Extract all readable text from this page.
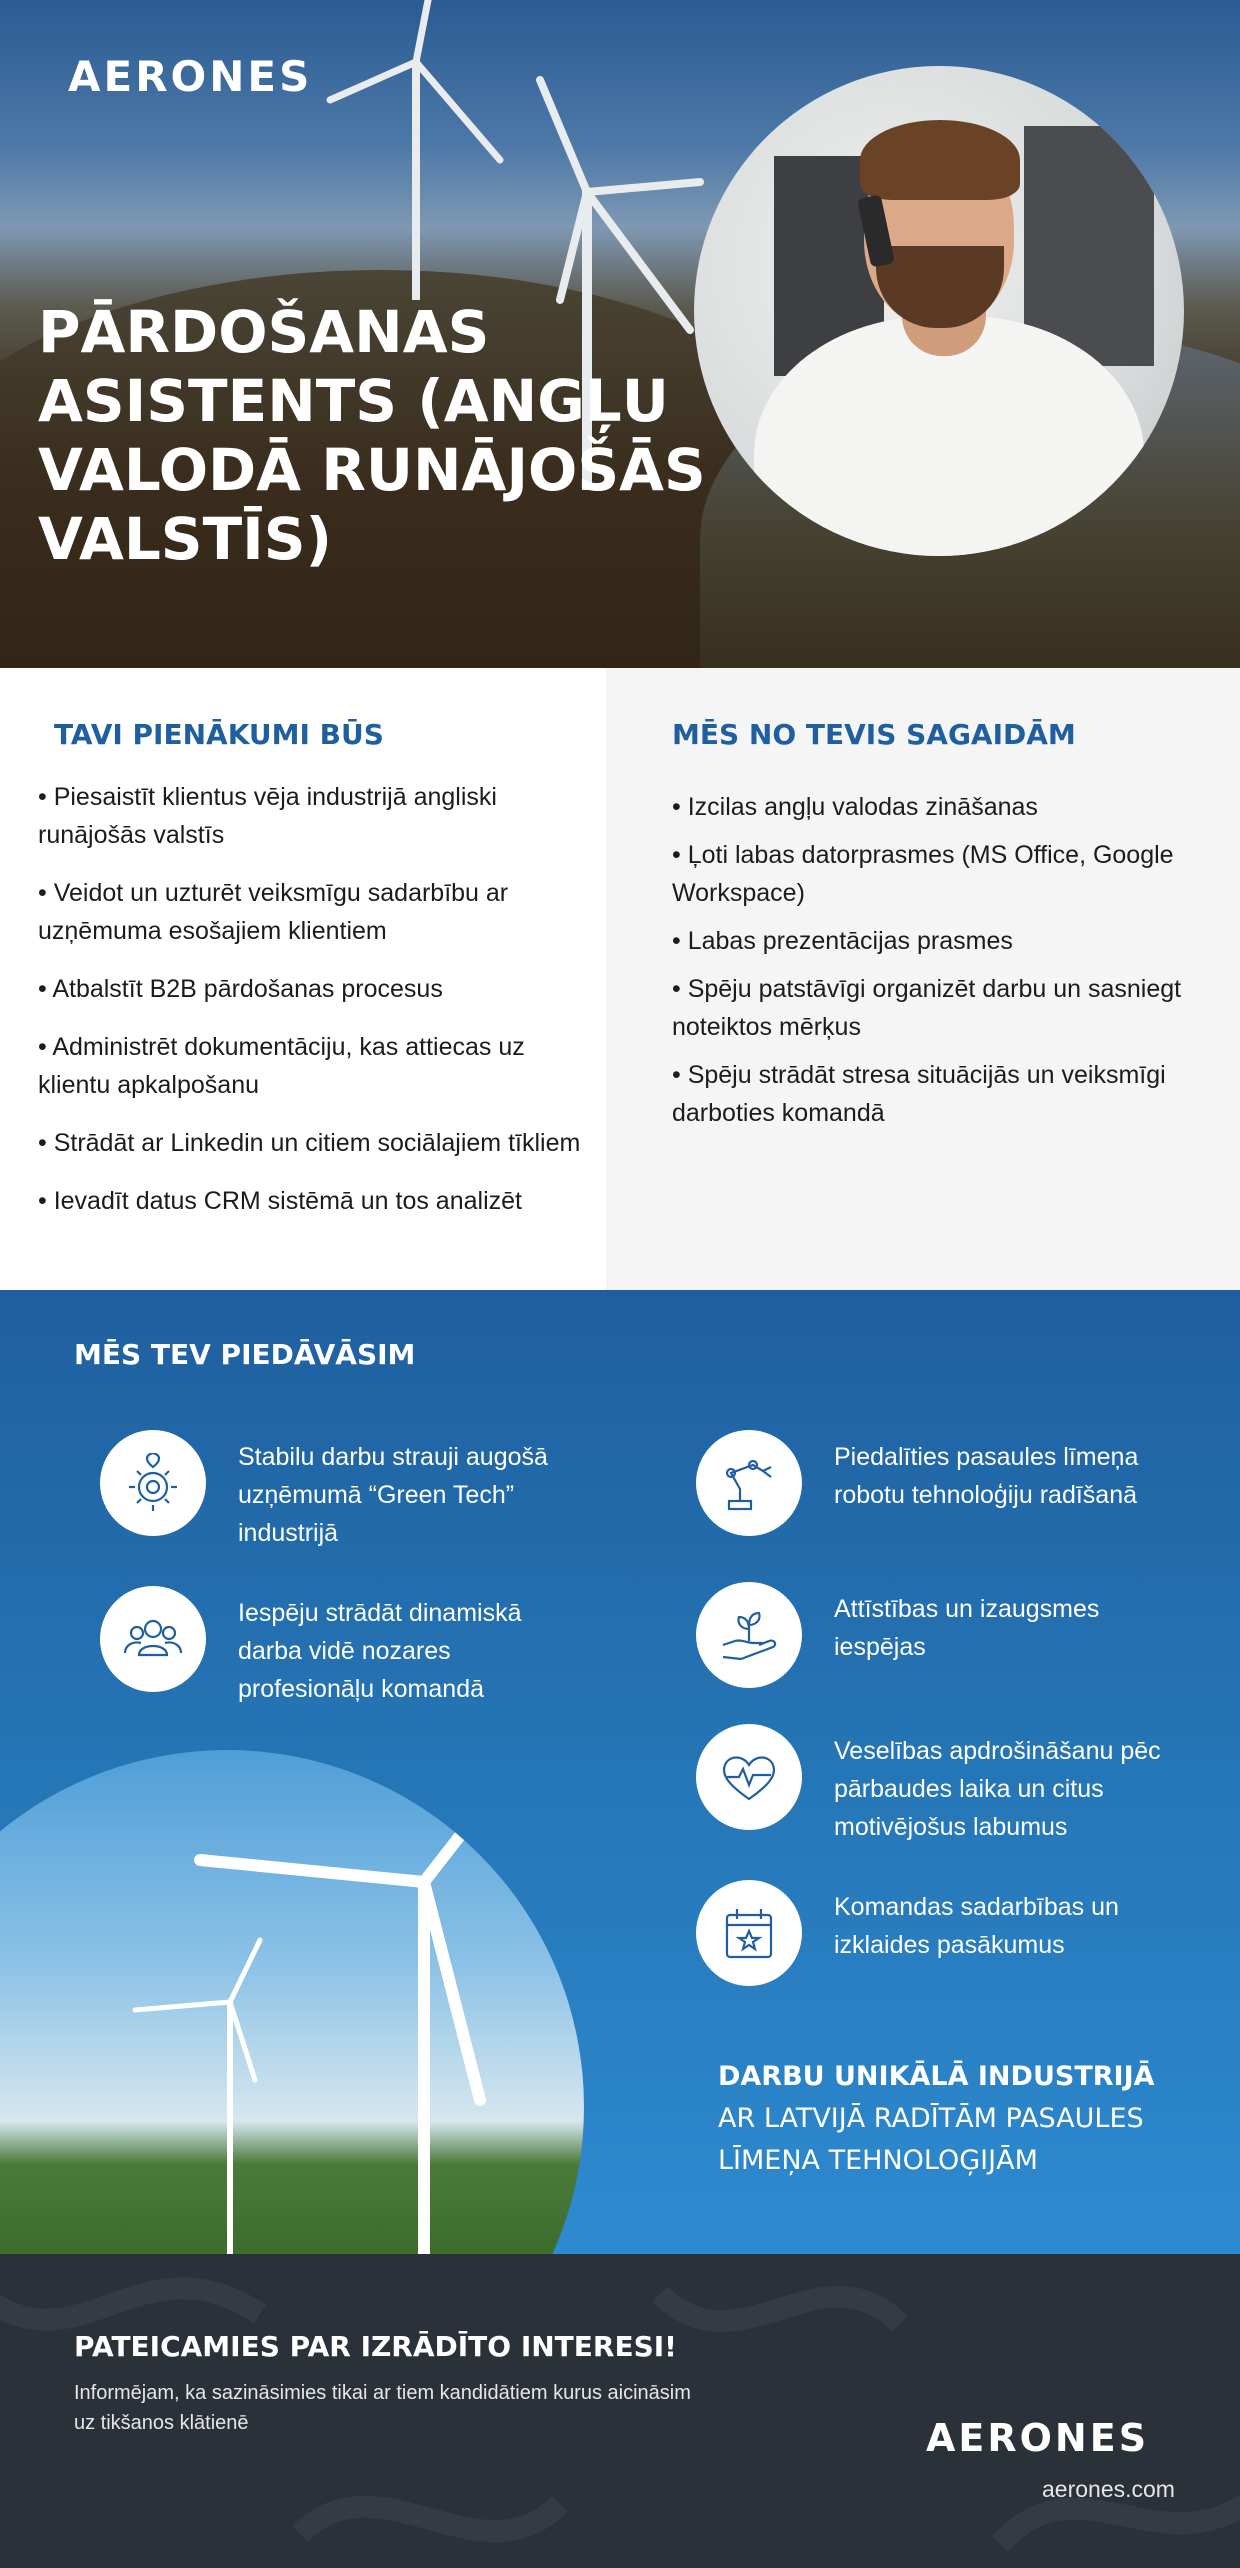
AERONES
PĀRDOŠANAS ASISTENTS (ANGĻU VALODĀ RUNĀJOŠĀS VALSTĪS)
TAVI PIENĀKUMI BŪS
• Piesaistīt klientus vēja industrijā angliski runājošās valstīs
• Veidot un uzturēt veiksmīgu sadarbību ar uzņēmuma esošajiem klientiem
• Atbalstīt B2B pārdošanas procesus
• Administrēt dokumentāciju, kas attiecas uz klientu apkalpošanu
• Strādāt ar Linkedin un citiem sociālajiem tīkliem
• Ievadīt datus CRM sistēmā un tos analizēt
MĒS NO TEVIS SAGAIDĀM
• Izcilas angļu valodas zināšanas
• Ļoti labas datorprasmes (MS Office, Google Workspace)
• Labas prezentācijas prasmes
• Spēju patstāvīgi organizēt darbu un sasniegt noteiktos mērķus
• Spēju strādāt stresa situācijās un veiksmīgi darboties komandā
MĒS TEV PIEDĀVĀSIM
Stabilu darbu strauji augošā uzņēmumā “Green Tech” industrijā
Iespēju strādāt dinamiskā darba vidē nozares profesionāļu komandā
Piedalīties pasaules līmeņa robotu tehnoloģiju radīšanā
Attīstības un izaugsmes iespējas
Veselības apdrošināšanu pēc pārbaudes laika un citus motivējošus labumus
Komandas sadarbības un izklaides pasākumus
DARBU UNIKĀLĀ INDUSTRIJĀ
AR LATVIJĀ RADĪTĀM PASAULES LĪMEŅA TEHNOLOĢIJĀM
PATEICAMIES PAR IZRĀDĪTO INTERESI!
Informējam, ka sazināsimies tikai ar tiem kandidātiem kurus aicināsim uz tikšanos klātienē	AERONES
aerones.com
